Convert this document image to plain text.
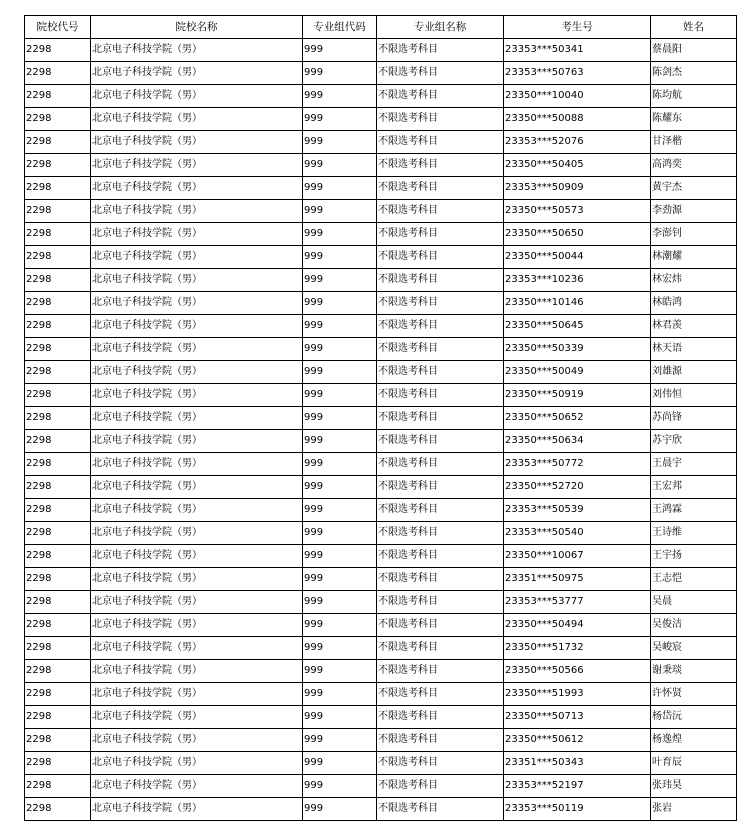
院校代号	院校名称	专业组代码	专业组名称	考生号	姓名
2298	北京电子科技学院（男）	999	不限选考科目	23353***50341	蔡晨阳
2298	北京电子科技学院（男）	999	不限选考科目	23353***50763	陈剑杰
2298	北京电子科技学院（男）	999	不限选考科目	23350***10040	陈均航
2298	北京电子科技学院（男）	999	不限选考科目	23350***50088	陈耀东
2298	北京电子科技学院（男）	999	不限选考科目	23353***52076	甘泽楷
2298	北京电子科技学院（男）	999	不限选考科目	23350***50405	高鸿奕
2298	北京电子科技学院（男）	999	不限选考科目	23353***50909	黄宇杰
2298	北京电子科技学院（男）	999	不限选考科目	23350***50573	李劲源
2298	北京电子科技学院（男）	999	不限选考科目	23350***50650	李澎钊
2298	北京电子科技学院（男）	999	不限选考科目	23350***50044	林潮耀
2298	北京电子科技学院（男）	999	不限选考科目	23353***10236	林宏炜
2298	北京电子科技学院（男）	999	不限选考科目	23350***10146	林皓鸿
2298	北京电子科技学院（男）	999	不限选考科目	23350***50645	林君羡
2298	北京电子科技学院（男）	999	不限选考科目	23350***50339	林天语
2298	北京电子科技学院（男）	999	不限选考科目	23350***50049	刘雄源
2298	北京电子科技学院（男）	999	不限选考科目	23350***50919	刘伟恒
2298	北京电子科技学院（男）	999	不限选考科目	23350***50652	苏尚锋
2298	北京电子科技学院（男）	999	不限选考科目	23350***50634	苏宇欣
2298	北京电子科技学院（男）	999	不限选考科目	23353***50772	王晨宇
2298	北京电子科技学院（男）	999	不限选考科目	23350***52720	王宏邦
2298	北京电子科技学院（男）	999	不限选考科目	23353***50539	王鸿霖
2298	北京电子科技学院（男）	999	不限选考科目	23353***50540	王诗维
2298	北京电子科技学院（男）	999	不限选考科目	23350***10067	王宇扬
2298	北京电子科技学院（男）	999	不限选考科目	23351***50975	王志恺
2298	北京电子科技学院（男）	999	不限选考科目	23353***53777	吴晨
2298	北京电子科技学院（男）	999	不限选考科目	23350***50494	吴俊洁
2298	北京电子科技学院（男）	999	不限选考科目	23350***51732	吴峻宸
2298	北京电子科技学院（男）	999	不限选考科目	23350***50566	谢秉琰
2298	北京电子科技学院（男）	999	不限选考科目	23350***51993	许怀贤
2298	北京电子科技学院（男）	999	不限选考科目	23350***50713	杨岱沅
2298	北京电子科技学院（男）	999	不限选考科目	23350***50612	杨逸煌
2298	北京电子科技学院（男）	999	不限选考科目	23351***50343	叶育辰
2298	北京电子科技学院（男）	999	不限选考科目	23353***52197	张玮昊
2298	北京电子科技学院（男）	999	不限选考科目	23353***50119	张岩
